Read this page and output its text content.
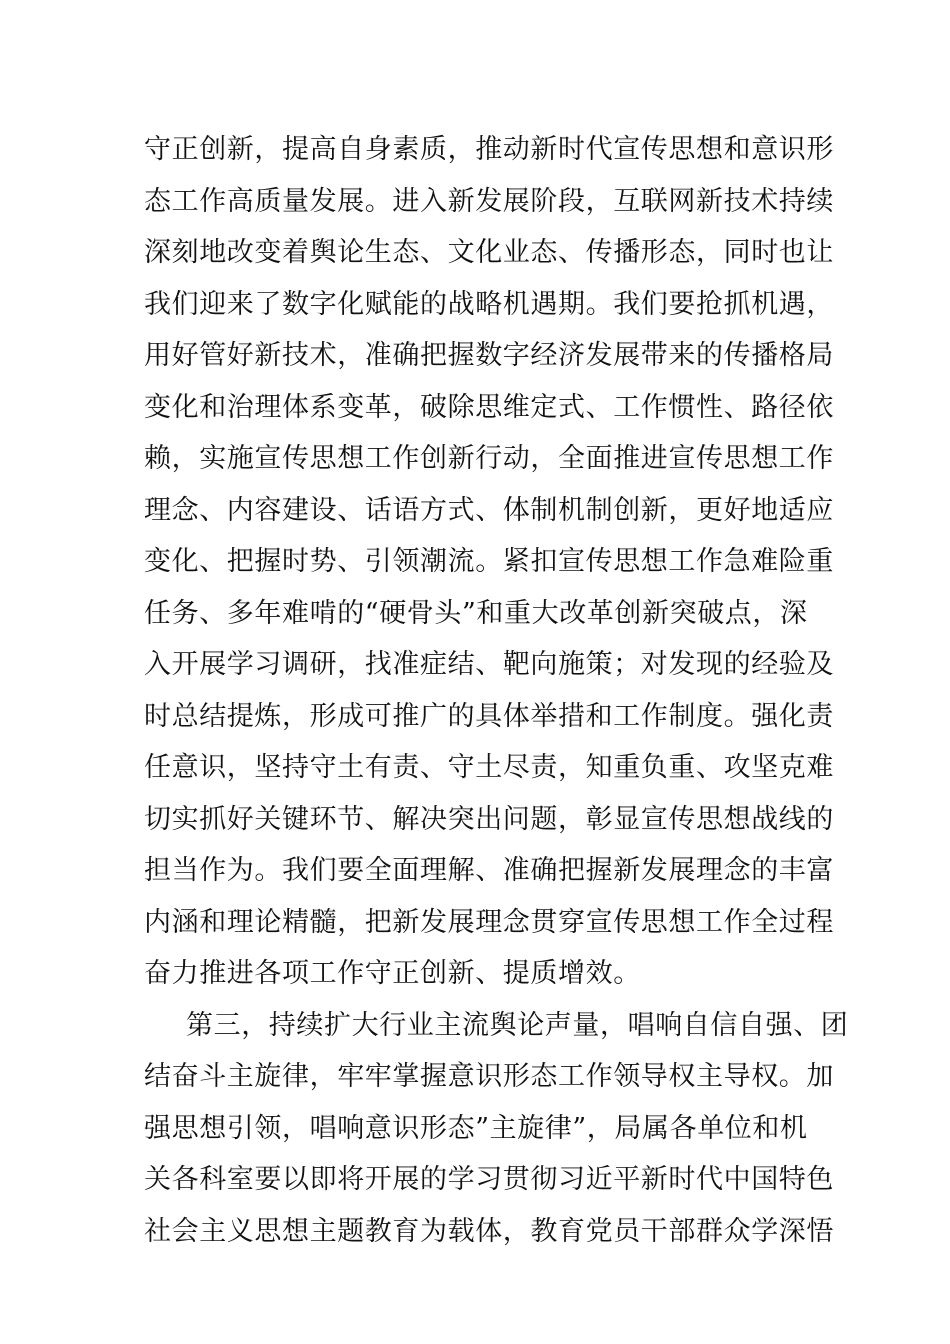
守正创新，提高自身素质，推动新时代宣传思想和意识形
态工作高质量发展。进入新发展阶段，互联网新技术持续
深刻地改变着舆论生态、文化业态、传播形态，同时也让
我们迎来了数字化赋能的战略机遇期。我们要抢抓机遇，
用好管好新技术，准确把握数字经济发展带来的传播格局
变化和治理体系变革，破除思维定式、工作惯性、路径依
赖，实施宣传思想工作创新行动，全面推进宣传思想工作
理念、内容建设、话语方式、体制机制创新，更好地适应
变化、把握时势、引领潮流。紧扣宣传思想工作急难险重
任务、多年难啃的“硬骨头”和重大改革创新突破点，深
入开展学习调研，找准症结、靶向施策；对发现的经验及
时总结提炼，形成可推广的具体举措和工作制度。强化责
任意识，坚持守土有责、守土尽责，知重负重、攻坚克难
切实抓好关键环节、解决突出问题，彰显宣传思想战线的
担当作为。我们要全面理解、准确把握新发展理念的丰富
内涵和理论精髓，把新发展理念贯穿宣传思想工作全过程
奋力推进各项工作守正创新、提质增效。
第三，持续扩大行业主流舆论声量，唱响自信自强、团
结奋斗主旋律，牢牢掌握意识形态工作领导权主导权。加
强思想引领，唱响意识形态”主旋律”，局属各单位和机
关各科室要以即将开展的学习贯彻习近平新时代中国特色
社会主义思想主题教育为载体，教育党员干部群众学深悟
